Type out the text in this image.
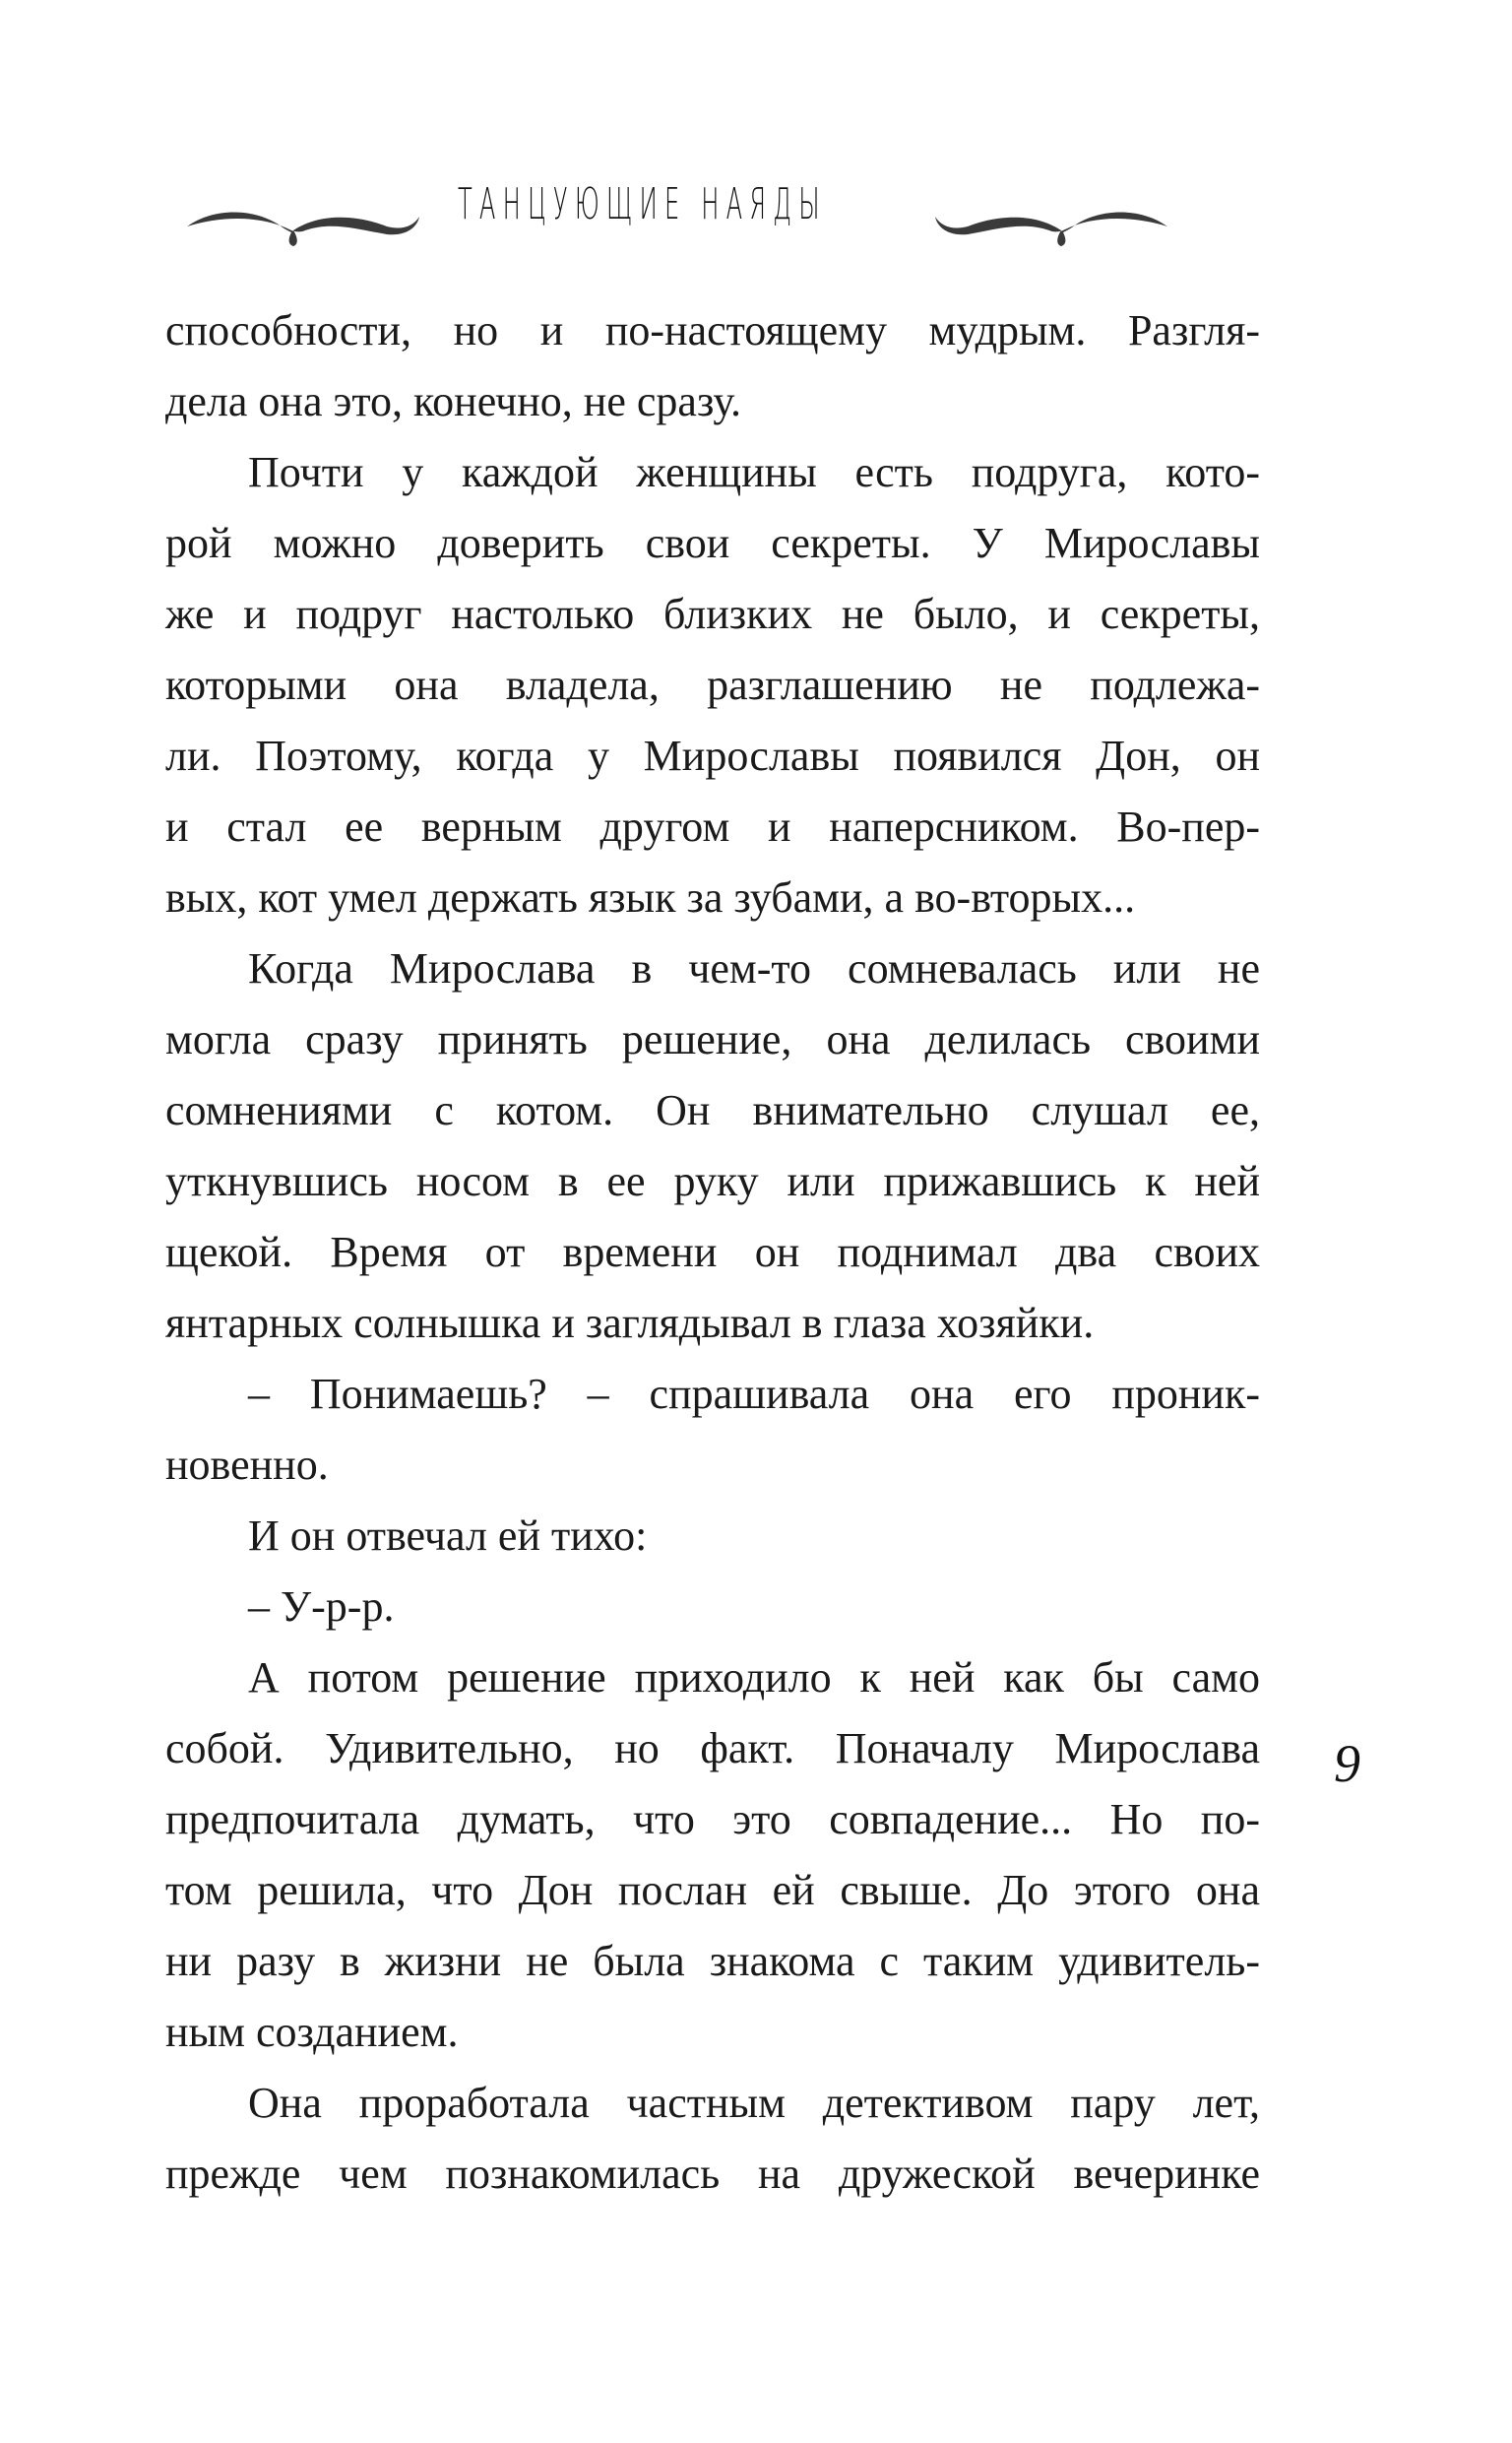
ТАНЦУЮЩИЕ НАЯДЫ
способности, но и по-настоящему мудрым. Разгля-
дела она это, конечно, не сразу.
Почти у каждой женщины есть подруга, кото-
рой можно доверить свои секреты. У Мирославы
же и подруг настолько близких не было, и секреты,
которыми она владела, разглашению не подлежа-
ли. Поэтому, когда у Мирославы появился Дон, он
и стал ее верным другом и наперсником. Во-пер-
вых, кот умел держать язык за зубами, а во-вторых...
Когда Мирослава в чем-то сомневалась или не
могла сразу принять решение, она делилась своими
сомнениями с котом. Он внимательно слушал ее,
уткнувшись носом в ее руку или прижавшись к ней
щекой. Время от времени он поднимал два своих
янтарных солнышка и заглядывал в глаза хозяйки.
– Понимаешь? – спрашивала она его проник-
новенно.
И он отвечал ей тихо:
– У-р-р.
А потом решение приходило к ней как бы само
собой. Удивительно, но факт. Поначалу Мирослава
предпочитала думать, что это совпадение... Но по-
том решила, что Дон послан ей свыше. До этого она
ни разу в жизни не была знакома с таким удивитель-
ным созданием.
Она проработала частным детективом пару лет,
прежде чем познакомилась на дружеской вечеринке
9
